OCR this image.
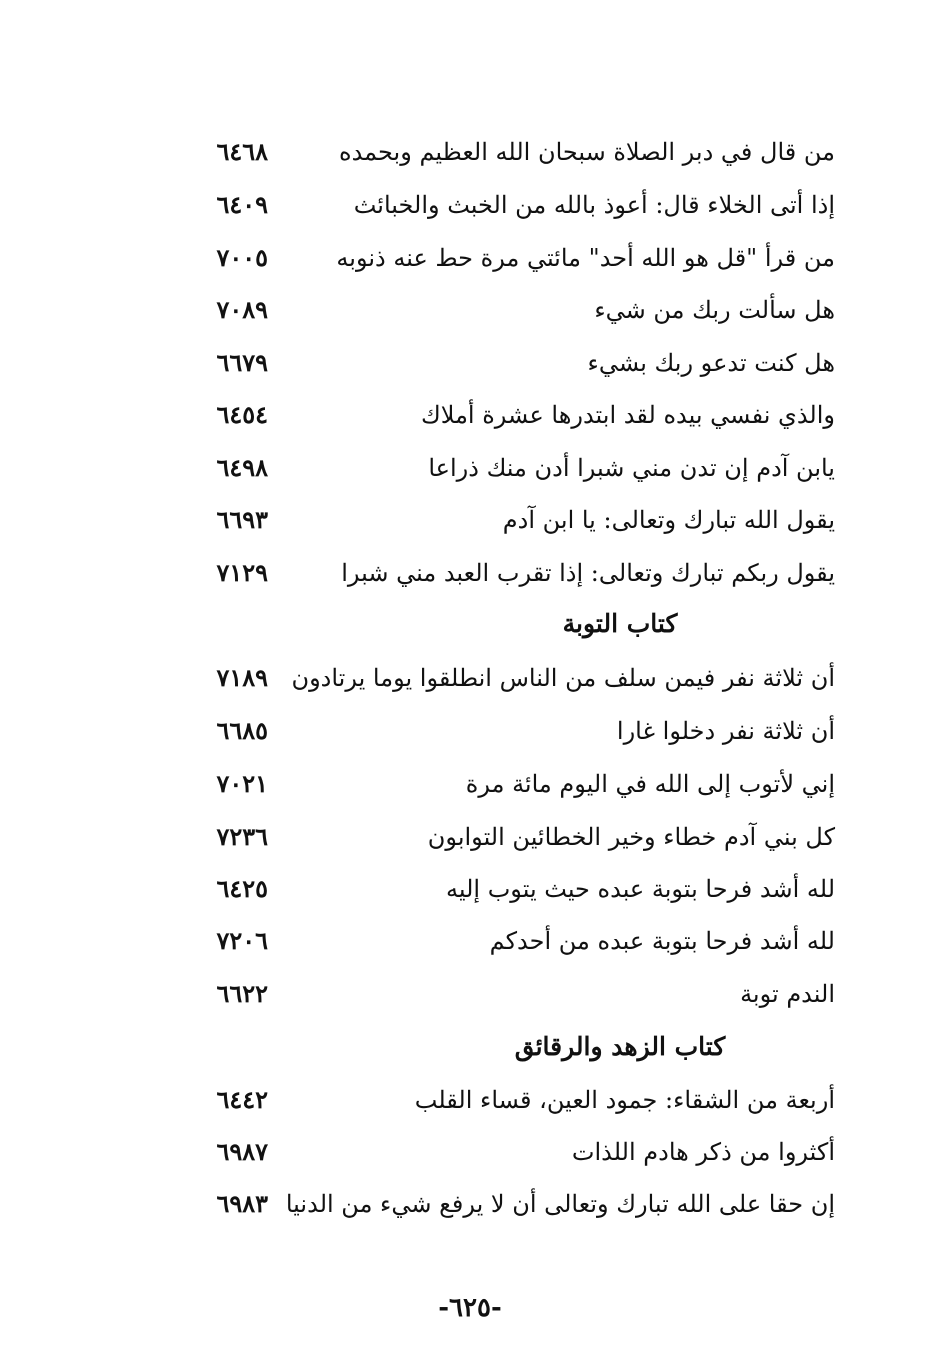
من قال في دبر الصلاة سبحان الله العظيم وبحمده
٦٤٦٨
إذا أتى الخلاء قال: أعوذ بالله من الخبث والخبائث
٦٤٠٩
من قرأ "قل هو الله أحد" مائتي مرة حط عنه ذنوبه
٧٠٠٥
هل سألت ربك من شيء
٧٠٨٩
هل كنت تدعو ربك بشيء
٦٦٧٩
والذي نفسي بيده لقد ابتدرها عشرة أملاك
٦٤٥٤
يابن آدم إن تدن مني شبرا أدن منك ذراعا
٦٤٩٨
يقول الله تبارك وتعالى: يا ابن آدم
٦٦٩٣
يقول ربكم تبارك وتعالى: إذا تقرب العبد مني شبرا
٧١٢٩
كتاب التوبة
أن ثلاثة نفر فيمن سلف من الناس انطلقوا يوما يرتادون
٧١٨٩
أن ثلاثة نفر دخلوا غارا
٦٦٨٥
إني لأتوب إلى الله في اليوم مائة مرة
٧٠٢١
كل بني آدم خطاء وخير الخطائين التوابون
٧٢٣٦
لله أشد فرحا بتوبة عبده حيث يتوب إليه
٦٤٢٥
لله أشد فرحا بتوبة عبده من أحدكم
٧٢٠٦
الندم توبة
٦٦٢٢
كتاب الزهد والرقائق
أربعة من الشقاء: جمود العين، قساء القلب
٦٤٤٢
أكثروا من ذكر هادم اللذات
٦٩٨٧
إن حقا على الله تبارك وتعالى أن لا يرفع شيء من الدنيا
٦٩٨٣
-٦٢٥-
